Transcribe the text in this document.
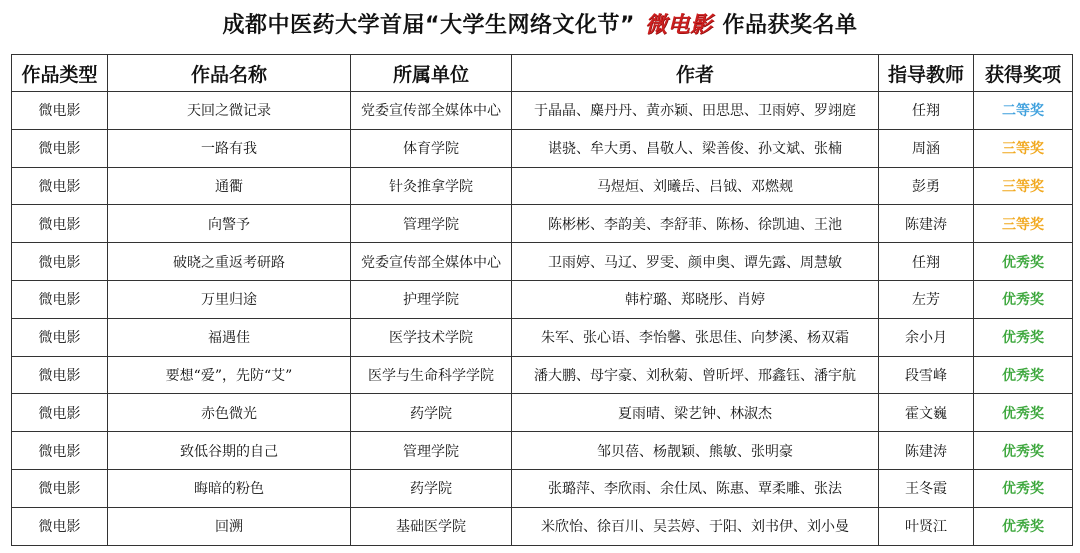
成都中医药大学首届“大学生网络文化节” 微电影 作品获奖名单
作品类型	作品名称	所属单位	作者	指导教师	获得奖项
微电影	天回之微记录	党委宣传部全媒体中心	于晶晶、麋丹丹、黄亦颖、田思思、卫雨婷、罗翊庭	任翔	二等奖
微电影	一路有我	体育学院	谌骁、牟大勇、昌敬人、梁善俊、孙文斌、张楠	周涵	三等奖
微电影	通衢	针灸推拿学院	马煜烜、刘曦岳、吕钺、邓燃觌	彭勇	三等奖
微电影	向警予	管理学院	陈彬彬、李韵美、李舒菲、陈杨、徐凯迪、王池	陈建涛	三等奖
微电影	破晓之重返考研路	党委宣传部全媒体中心	卫雨婷、马辽、罗雯、颜申奥、谭先露、周慧敏	任翔	优秀奖
微电影	万里归途	护理学院	韩柠璐、郑晓彤、肖婷	左芳	优秀奖
微电影	福遇佳	医学技术学院	朱军、张心语、李怡馨、张思佳、向梦溪、杨双霜	余小月	优秀奖
微电影	要想“爱”，先防“艾”	医学与生命科学学院	潘大鹏、母宇豪、刘秋菊、曾昕坪、邢鑫钰、潘宇航	段雪峰	优秀奖
微电影	赤色微光	药学院	夏雨晴、梁艺钟、林淑杰	霍文巍	优秀奖
微电影	致低谷期的自己	管理学院	邹贝蓓、杨靓颖、熊敏、张明豪	陈建涛	优秀奖
微电影	晦暗的粉色	药学院	张璐萍、李欣雨、余仕凤、陈惠、覃柔雕、张法	王冬霞	优秀奖
微电影	回溯	基础医学院	米欣怡、徐百川、吴芸婷、于阳、刘书伊、刘小曼	叶贤江	优秀奖
